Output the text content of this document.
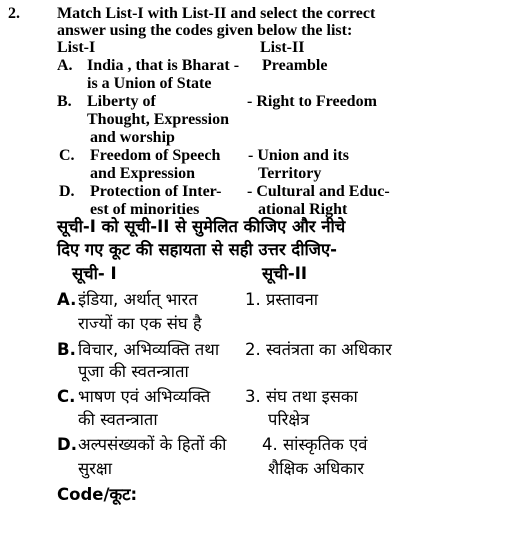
2. Match List-I with List-II and select the correct
answer using the codes given below the list:
List-I	List-II
A. India , that is Bharat -
is a Union of State
Preamble
B. Liberty of
Thought, Expression
and worship
- Right to Freedom
C. Freedom of Speech
and Expression
- Union and its
Territory
D. Protection of Inter-
est of minorities
- Cultural and Educ-
ational Right
सूची-I को सूची-II से सुमेलित कीजिए और नीचे
दिए गए कूट की सहायता से सही उत्तर दीजिए-
सूची- I	सूची-II
A. इंडिया, अर्थात् भारत
राज्यों का एक संघ है
1. प्रस्तावना
B. विचार, अभिव्यक्ति तथा
पूजा की स्वतन्त्राता
2. स्वतंत्रता का अधिकार
C. भाषण एवं अभिव्यक्ति
की स्वतन्त्राता
3. संघ तथा इसका
परिक्षेत्र
D. अल्पसंख्यकों के हितों की
सुरक्षा
4. सांस्कृतिक एवं
शैक्षिक अधिकार
Code/कूट:
